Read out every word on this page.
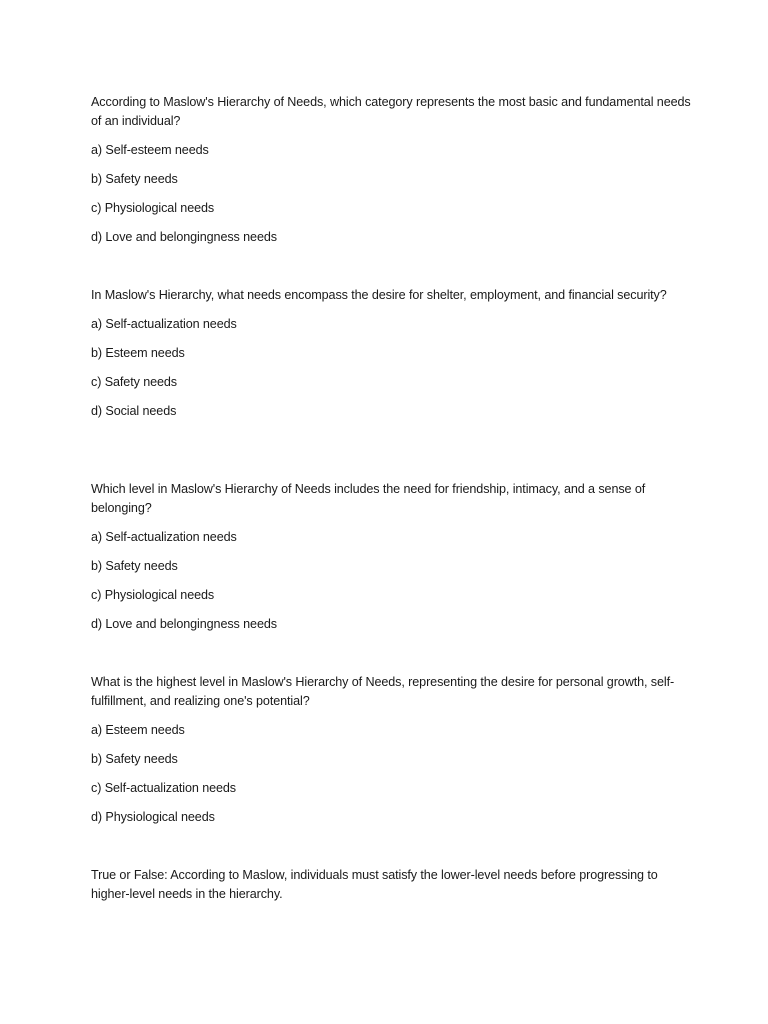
According to Maslow's Hierarchy of Needs, which category represents the most basic and fundamental needs of an individual?

a) Self-esteem needs
b) Safety needs
c) Physiological needs
d) Love and belongingness needs

In Maslow's Hierarchy, what needs encompass the desire for shelter, employment, and financial security?

a) Self-actualization needs
b) Esteem needs
c) Safety needs
d) Social needs

Which level in Maslow's Hierarchy of Needs includes the need for friendship, intimacy, and a sense of belonging?

a) Self-actualization needs
b) Safety needs
c) Physiological needs
d) Love and belongingness needs

What is the highest level in Maslow's Hierarchy of Needs, representing the desire for personal growth, self-fulfillment, and realizing one's potential?

a) Esteem needs
b) Safety needs
c) Self-actualization needs
d) Physiological needs

True or False: According to Maslow, individuals must satisfy the lower-level needs before progressing to higher-level needs in the hierarchy.
